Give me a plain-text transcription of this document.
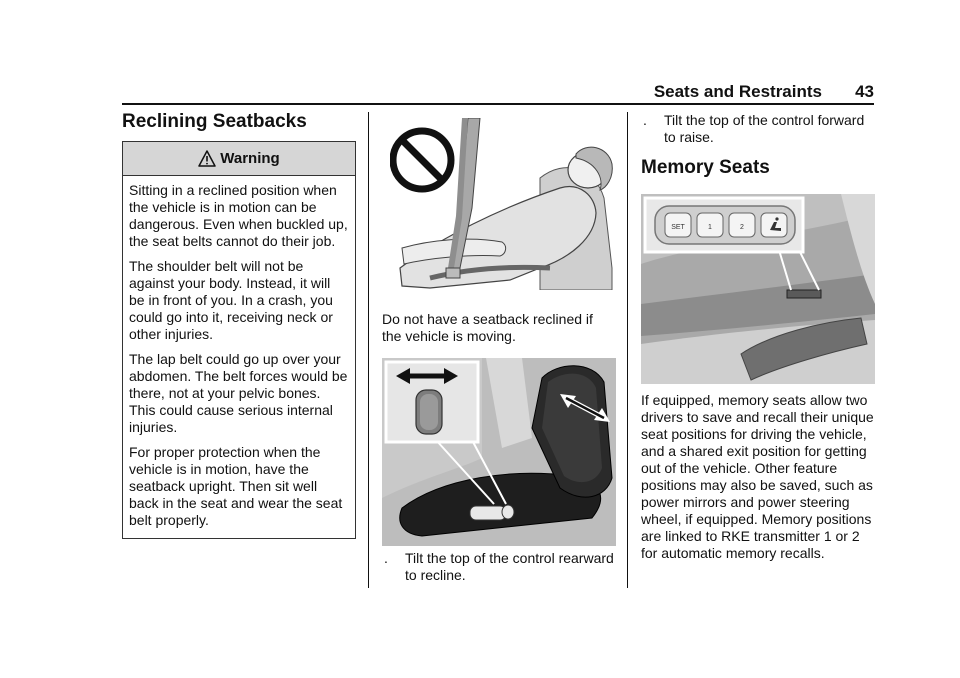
Seats and Restraints 43
Reclining Seatbacks
Warning

Sitting in a reclined position when the vehicle is in motion can be dangerous. Even when buckled up, the seat belts cannot do their job.

The shoulder belt will not be against your body. Instead, it will be in front of you. In a crash, you could go into it, receiving neck or other injuries.

The lap belt could go up over your abdomen. The belt forces would be there, not at your pelvic bones. This could cause serious internal injuries.

For proper protection when the vehicle is in motion, have the seatback upright. Then sit well back in the seat and wear the seat belt properly.

Do not have a seatback reclined if the vehicle is moving.

.	Tilt the top of the control rearward to recline.
.	Tilt the top of the control forward to raise.
Memory Seats
SET	1	2

If equipped, memory seats allow two drivers to save and recall their unique seat positions for driving the vehicle, and a shared exit position for getting out of the vehicle. Other feature positions may also be saved, such as power mirrors and power steering wheel, if equipped. Memory positions are linked to RKE transmitter 1 or 2 for automatic memory recalls.
